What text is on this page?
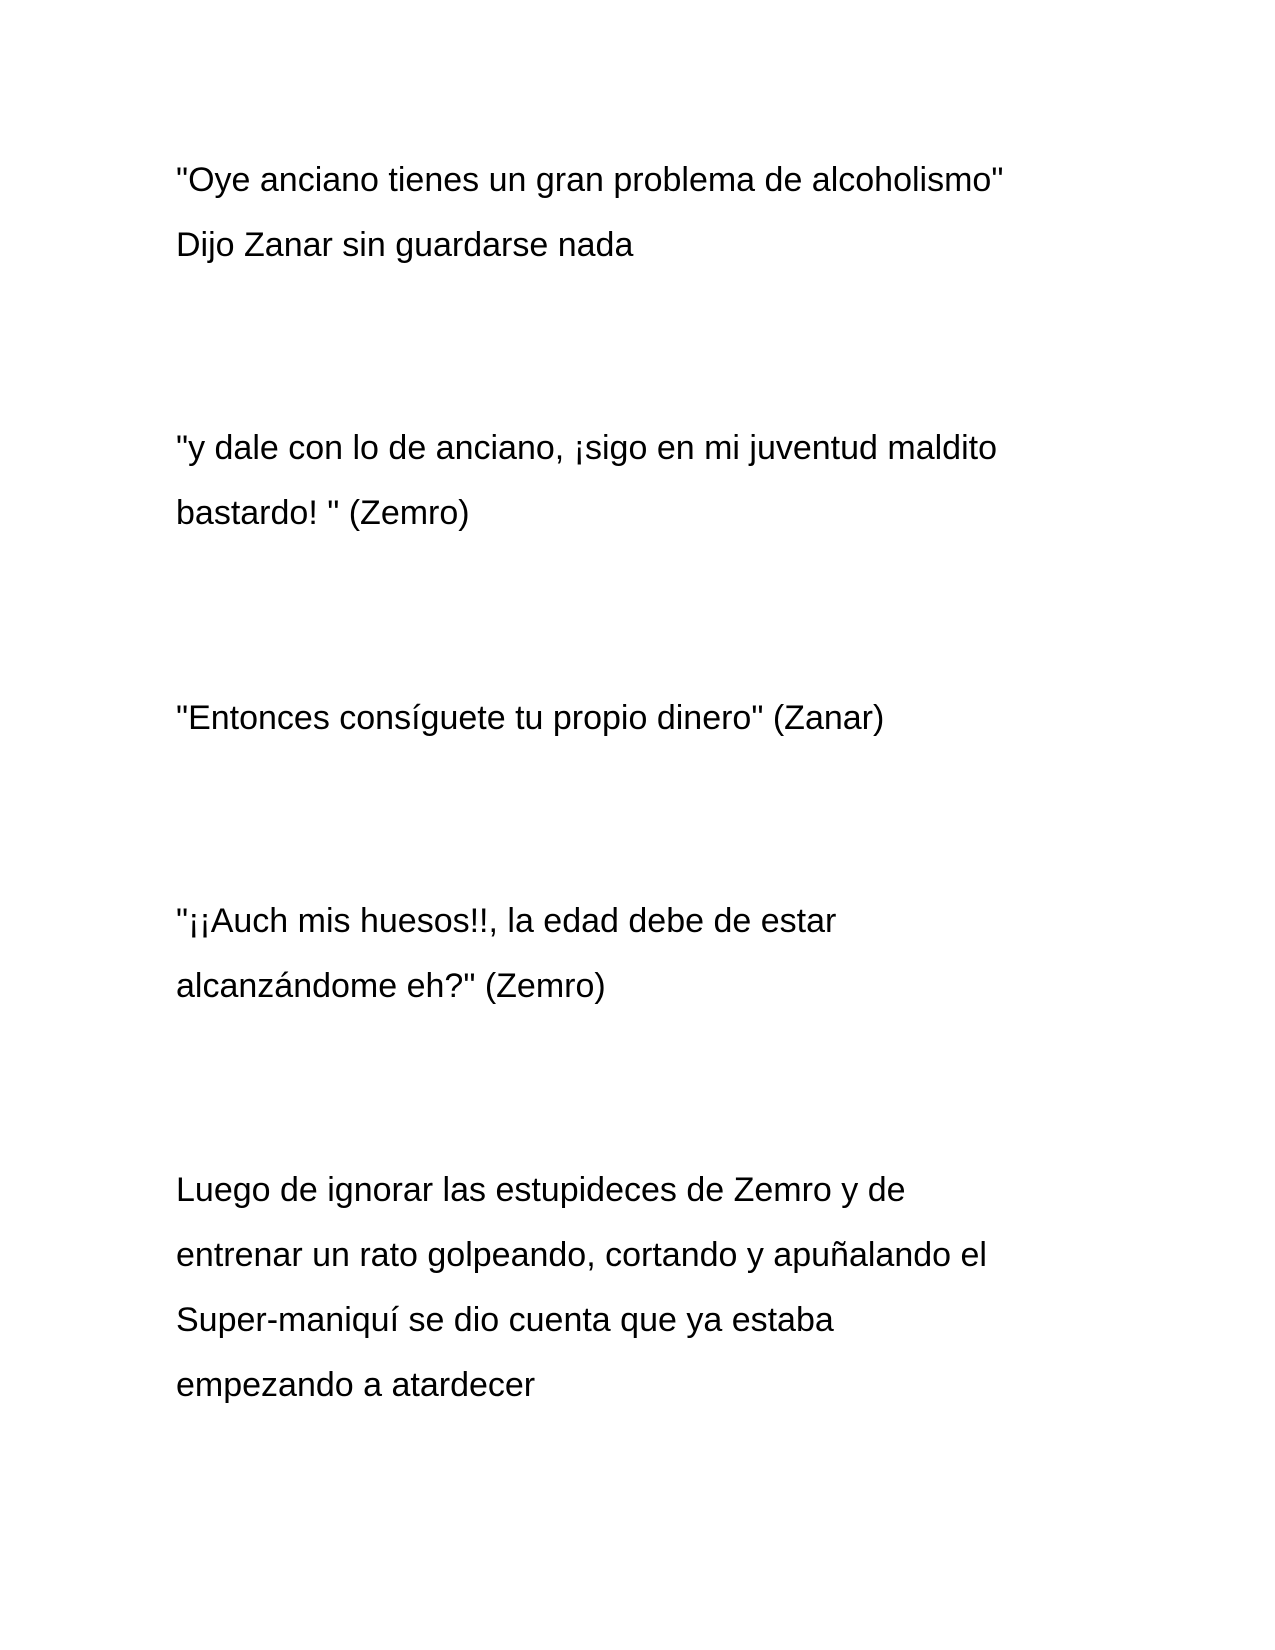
"Oye anciano tienes un gran problema de alcoholismo"
Dijo Zanar sin guardarse nada

"y dale con lo de anciano, ¡sigo en mi juventud maldito
bastardo! " (Zemro)

"Entonces consíguete tu propio dinero" (Zanar)

"¡¡Auch mis huesos!!, la edad debe de estar
alcanzándome eh?" (Zemro)

Luego de ignorar las estupideces de Zemro y de
entrenar un rato golpeando, cortando y apuñalando el
Super-maniquí se dio cuenta que ya estaba
empezando a atardecer
